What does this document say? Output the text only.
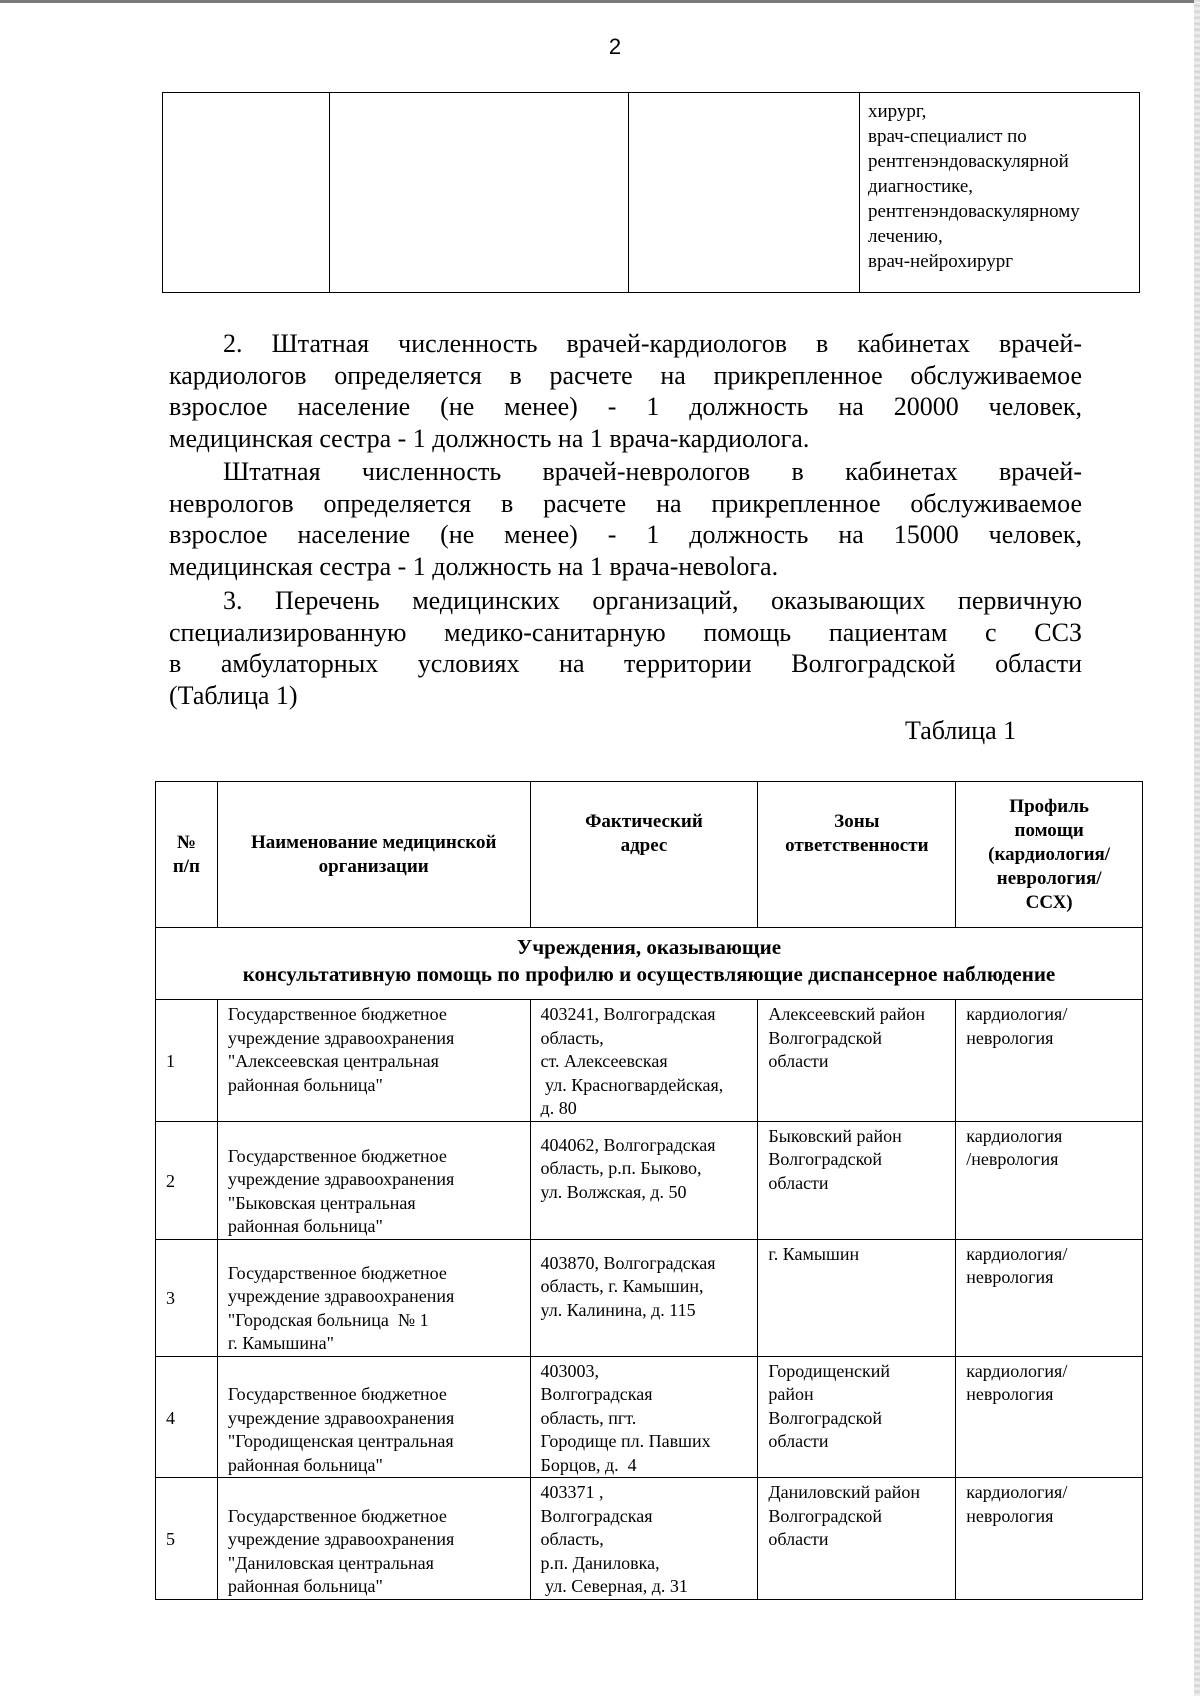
2

хирург,
врач-специалист по
рентгенэндоваскулярной
диагностике,
рентгенэндоваскулярному
лечению,
врач-нейрохирург
2. Штатная численность врачей-кардиологов в кабинетах врачей-
кардиологов определяется в расчете на прикрепленное обслуживаемое
взрослое население (не менее) - 1 должность на 20000 человек,
медицинская сестра - 1 должность на 1 врача-кардиолога.
Штатная численность врачей-неврологов в кабинетах врачей-
неврологов определяется в расчете на прикрепленное обслуживаемое
взрослое население (не менее) - 1 должность на 15000 человек,
медицинская сестра - 1 должность на 1 врача-невolога.
3. Перечень медицинских организаций, оказывающих первичную
специализированную медико-санитарную помощь пациентам с ССЗ
в амбулаторных условиях на территории Волгоградской области
(Таблица 1)
Таблица 1
№
п/п	Наименование медицинской
организации	Фактический
адрес	Зоны
ответственности	Профиль
помощи
(кардиология/
неврология/
ССХ)

Учреждения, оказывающие
консультативную помощь по профилю и осуществляющие диспансерное наблюдение				

1	Государственное бюджетное
учреждение здравоохранения
"Алексеевская центральная
районная больница"	403241, Волгоградская
область,
ст. Алексеевская
ул. Красногвардейская,
д. 80	Алексеевский район
Волгоградской
области	кардиология/
неврология

2	Государственное бюджетное
учреждение здравоохранения
"Быковская центральная
районная больница"	404062, Волгоградская
область, р.п. Быково,
ул. Волжская, д. 50	Быковский район
Волгоградской
области	кардиология
/неврология

3	Государственное бюджетное
учреждение здравоохранения
"Городская больница  № 1
г. Камышина"	403870, Волгоградская
область, г. Камышин,
ул. Калинина, д. 115	г. Камышин	кардиология/
неврология

4	Государственное бюджетное
учреждение здравоохранения
"Городищенская центральная
районная больница"	403003,
Волгоградская
область, пгт.
Городище пл. Павших
Борцов, д.  4	Городищенский
район
Волгоградской
области	кардиология/
неврология

5	Государственное бюджетное
учреждение здравоохранения
"Даниловская центральная
районная больница"	403371 ,
Волгоградская
область,
р.п. Даниловка,
ул. Северная, д. 31	Даниловский район
Волгоградской
области	кардиология/
неврология
